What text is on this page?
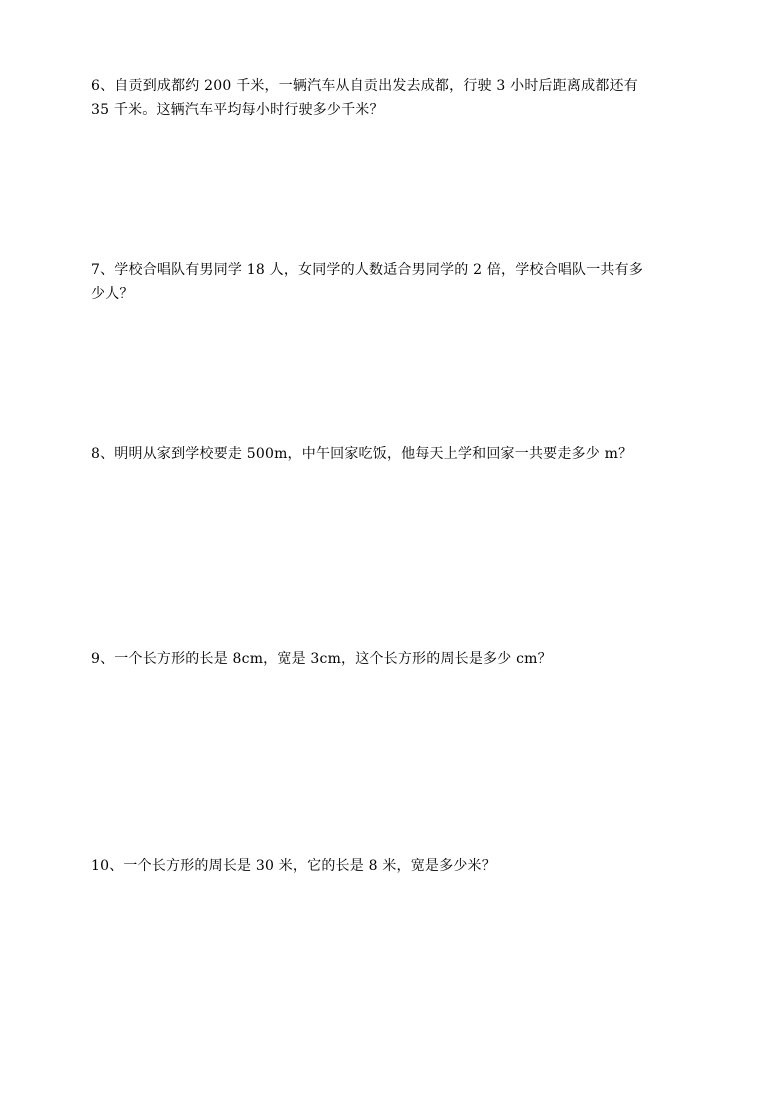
6、自贡到成都约 200 千米，一辆汽车从自贡出发去成都，行驶 3 小时后距离成都还有
35 千米。这辆汽车平均每小时行驶多少千米？
7、学校合唱队有男同学 18 人，女同学的人数适合男同学的 2 倍，学校合唱队一共有多
少人？
8、明明从家到学校要走 500m，中午回家吃饭，他每天上学和回家一共要走多少 m？
9、一个长方形的长是 8cm，宽是 3cm，这个长方形的周长是多少 cm？
10、一个长方形的周长是 30 米，它的长是 8 米，宽是多少米？
